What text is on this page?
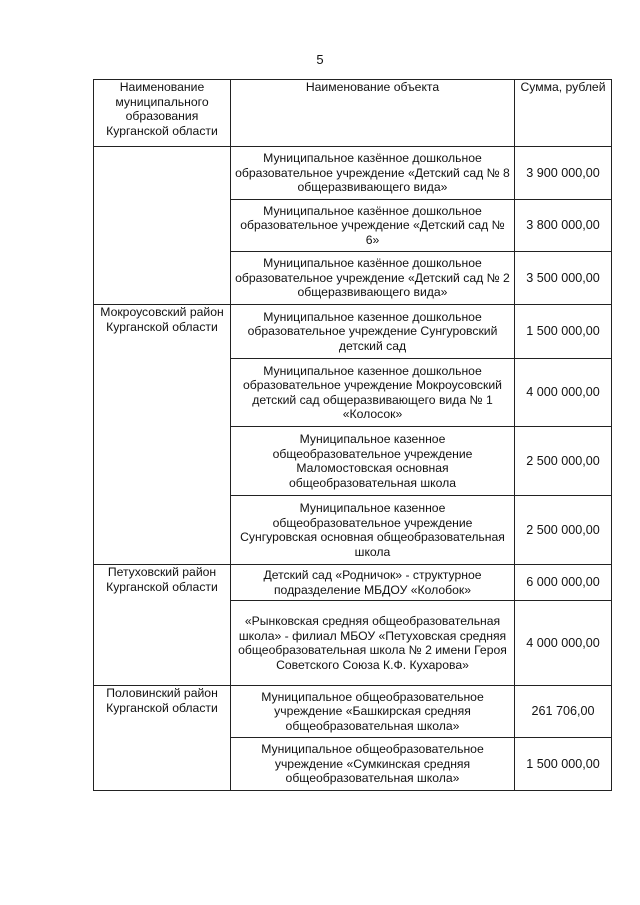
5
Наименование муниципального образования Курганской области	Наименование объекта	Сумма, рублей
	Муниципальное казённое дошкольное образовательное учреждение «Детский сад № 8 общеразвивающего вида»	3 900 000,00
	Муниципальное казённое дошкольное образовательное учреждение «Детский сад № 6»	3 800 000,00
	Муниципальное казённое дошкольное образовательное учреждение «Детский сад № 2 общеразвивающего вида»	3 500 000,00
Мокроусовский район Курганской области	Муниципальное казенное дошкольное образовательное учреждение Сунгуровский детский сад	1 500 000,00
	Муниципальное казенное дошкольное образовательное учреждение Мокроусовский детский сад общеразвивающего вида № 1 «Колосок»	4 000 000,00
	Муниципальное казенное общеобразовательное учреждение Маломостовская основная общеобразовательная школа	2 500 000,00
	Муниципальное казенное общеобразовательное учреждение Сунгуровская основная общеобразовательная школа	2 500 000,00
Петуховский район Курганской области	Детский сад «Родничок» - структурное подразделение МБДОУ «Колобок»	6 000 000,00
	«Рынковская средняя общеобразовательная школа» - филиал МБОУ «Петуховская средняя общеобразовательная школа № 2 имени Героя Советского Союза К.Ф. Кухарова»	4 000 000,00
Половинский район Курганской области	Муниципальное общеобразовательное учреждение «Башкирская средняя общеобразовательная школа»	261 706,00
	Муниципальное общеобразовательное учреждение «Сумкинская средняя общеобразовательная школа»	1 500 000,00
